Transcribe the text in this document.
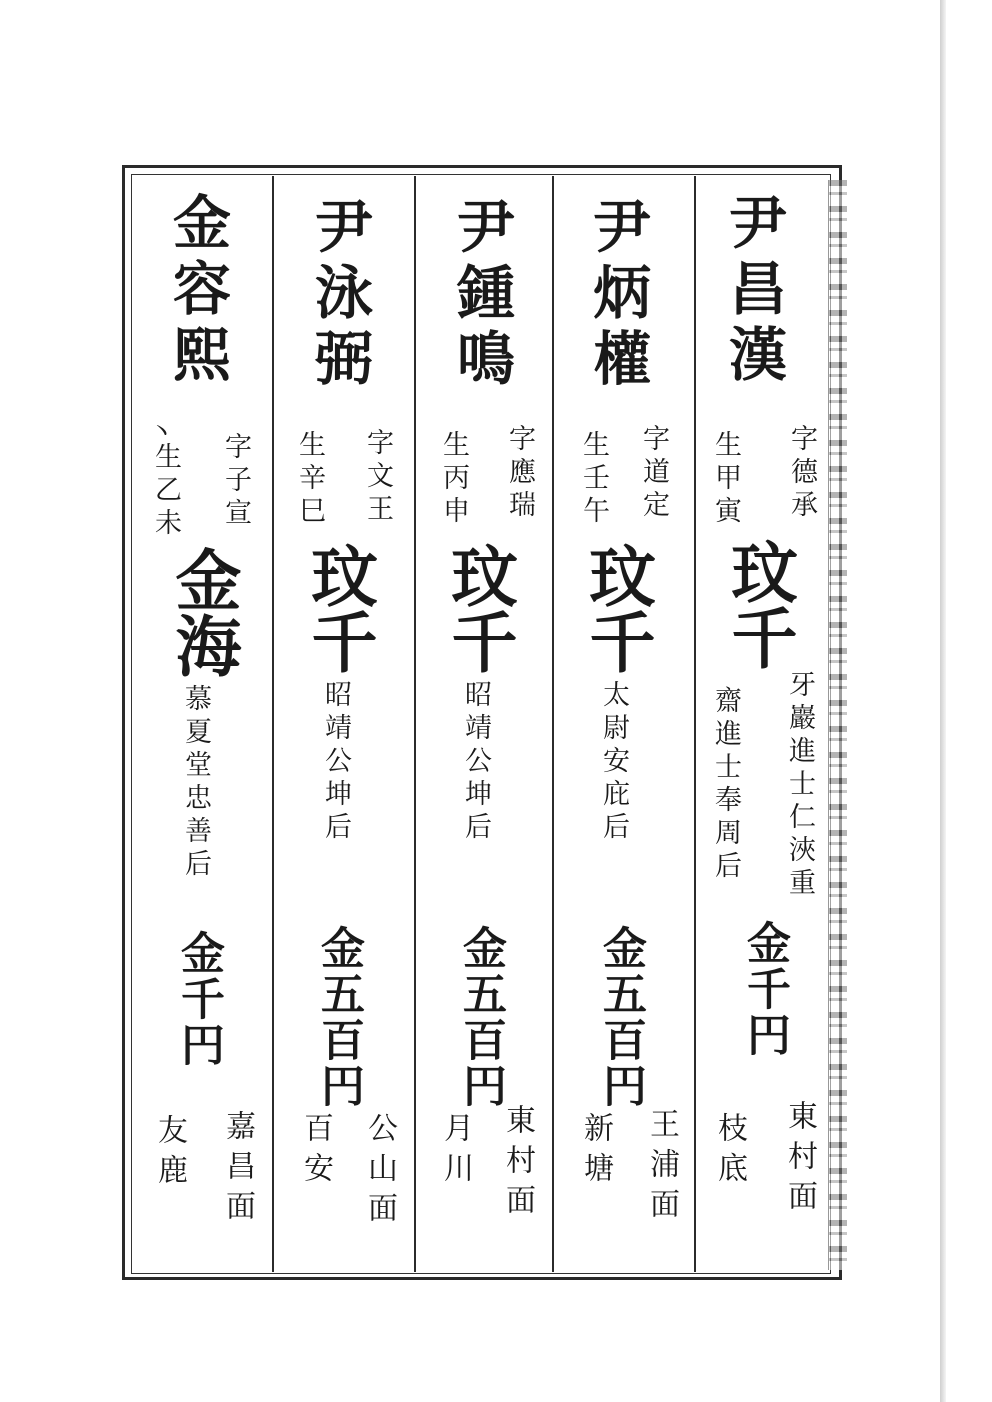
尹昌漢
字德承
生甲寅
玟千
牙巖進士仁浹重
齋進士奉周后
金千円
東村面
枝底
尹炳權
字道定
生壬午
玟千
太尉安庇后
金五百円
王浦面
新塘
尹鍾鳴
字應瑞
生丙申
玟千
昭靖公坤后
金五百円
東村面
月川
尹泳弼
字文王
生辛巳
玟千
昭靖公坤后
金五百円
公山面
百安
金容熙
字子宣
丶
生乙未
金海
慕夏堂忠善后
金千円
嘉昌面
友鹿
